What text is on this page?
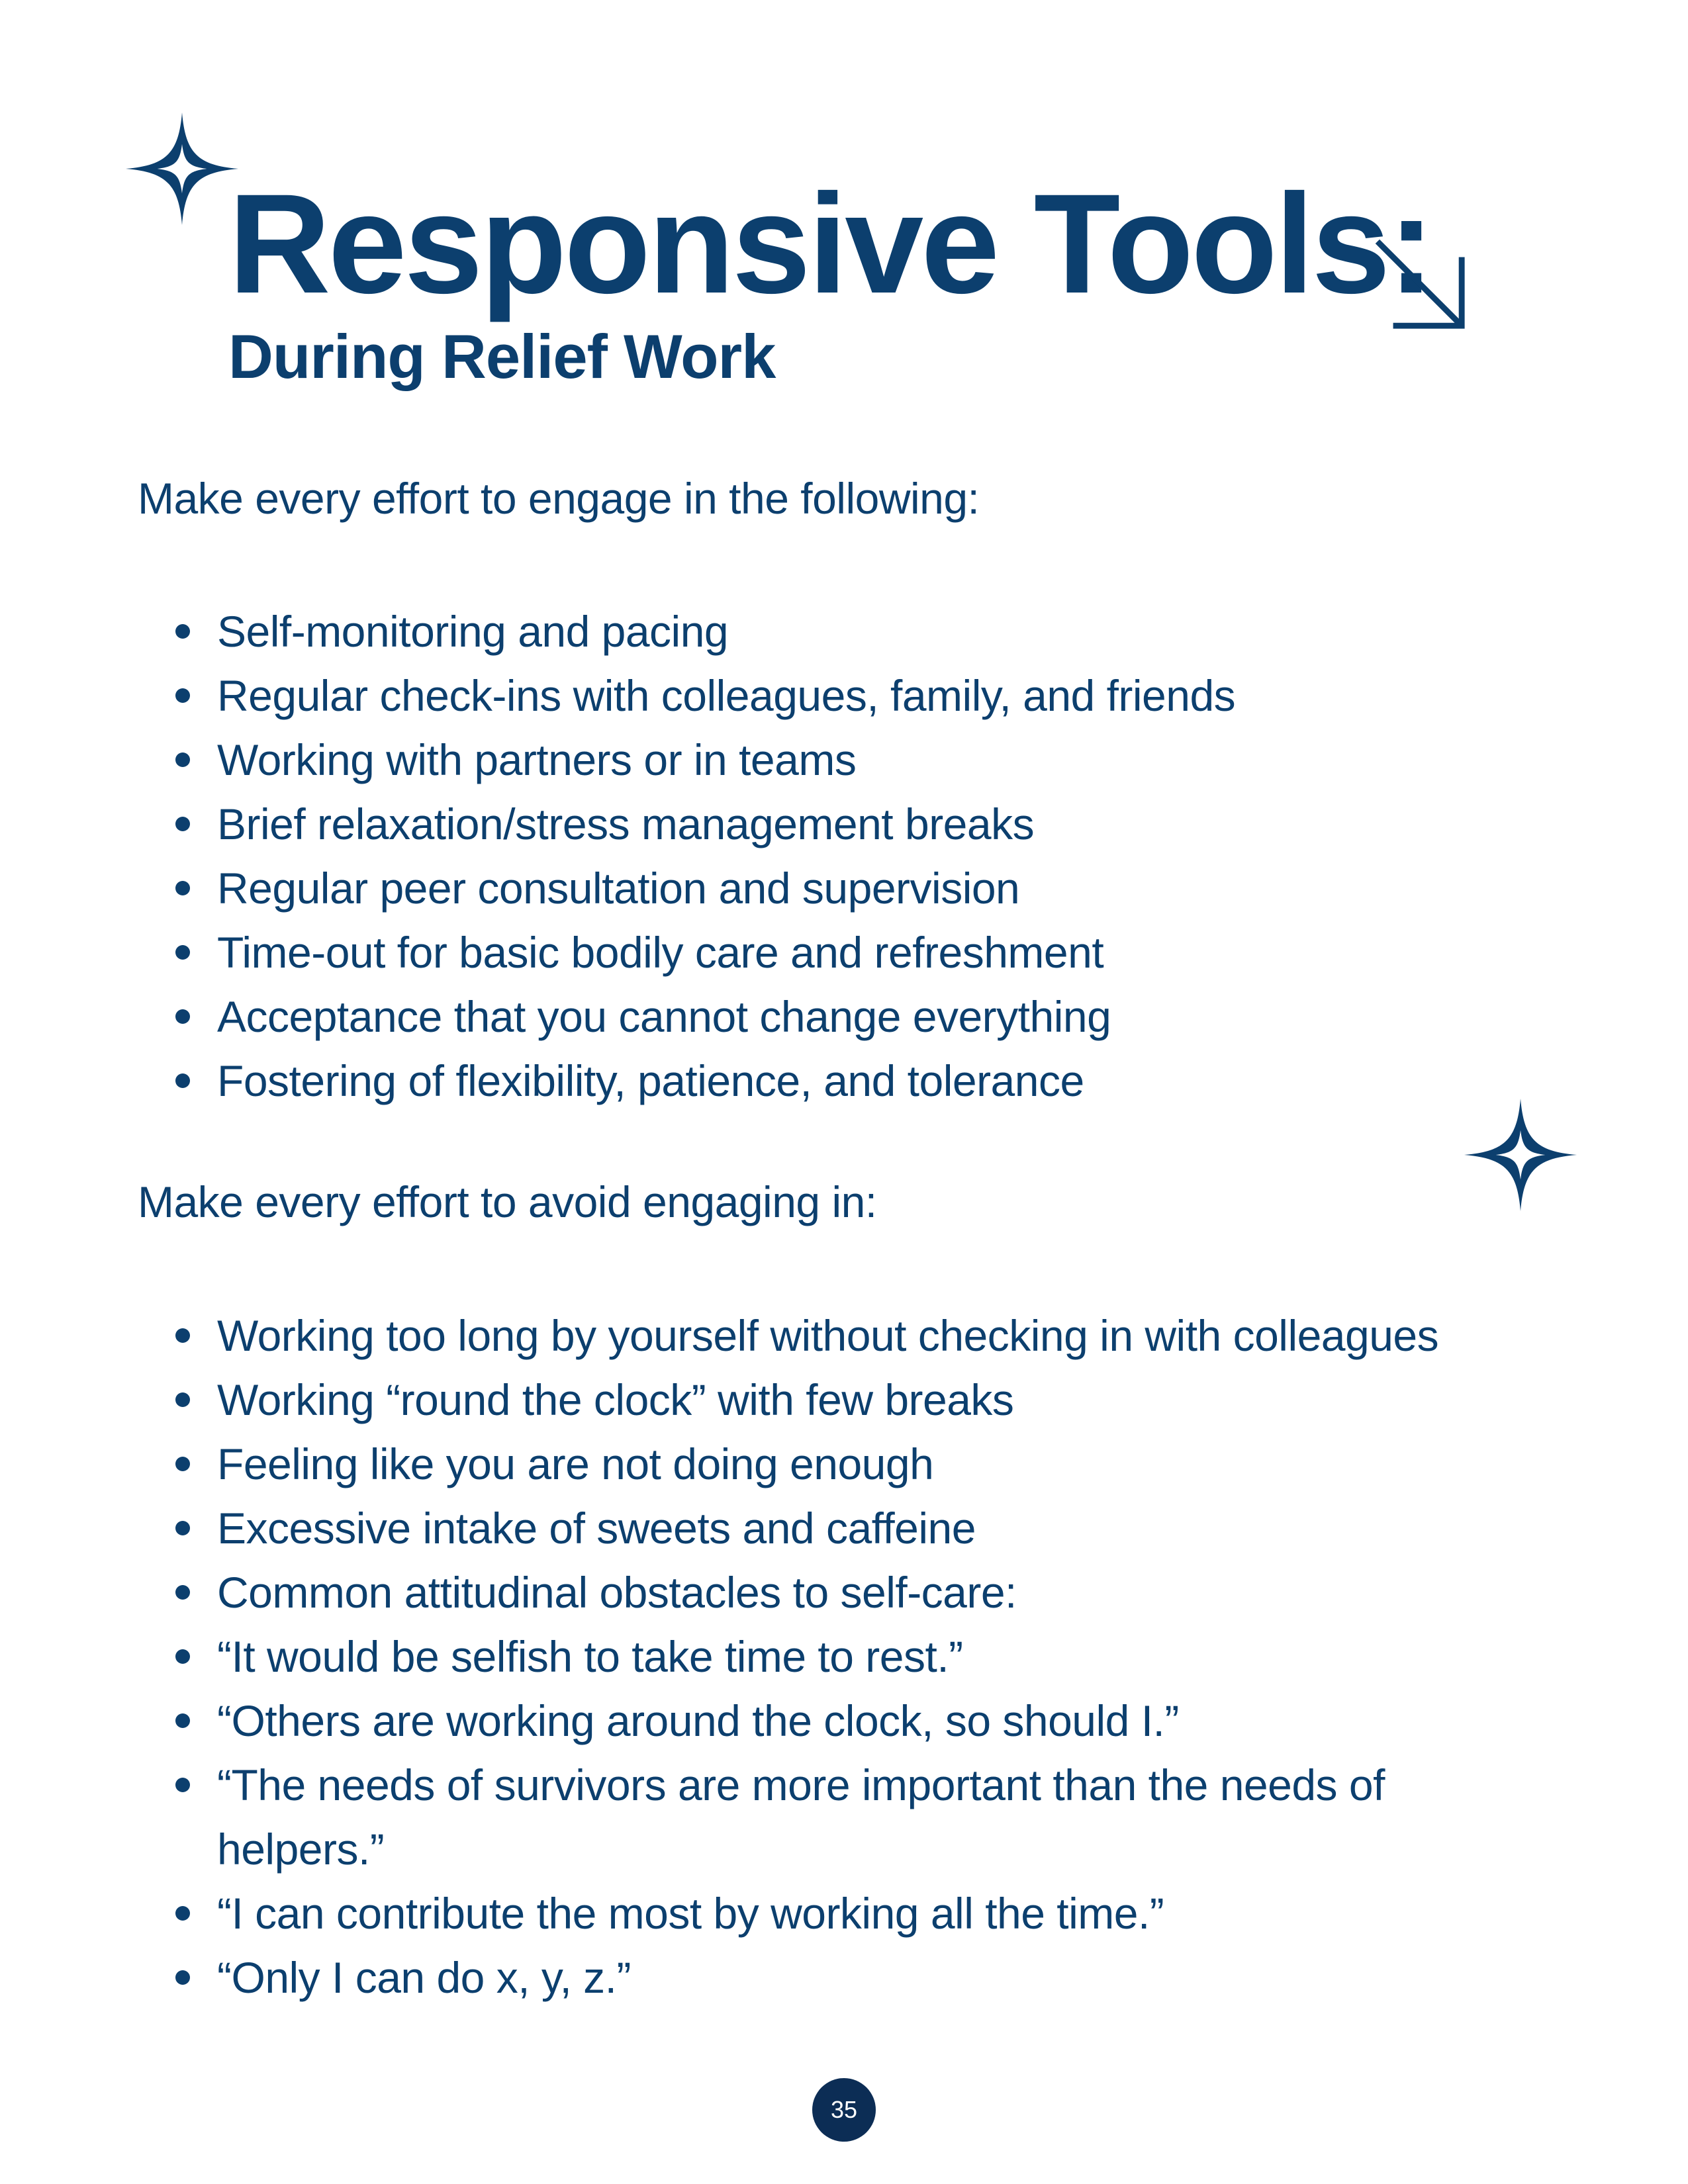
Responsive Tools:
During Relief Work

Make every effort to engage in the following:

Self-monitoring and pacing
Regular check-ins with colleagues, family, and friends
Working with partners or in teams
Brief relaxation/stress management breaks
Regular peer consultation and supervision
Time-out for basic bodily care and refreshment
Acceptance that you cannot change everything
Fostering of flexibility, patience, and tolerance

Make every effort to avoid engaging in:

Working too long by yourself without checking in with colleagues
Working “round the clock” with few breaks
Feeling like you are not doing enough
Excessive intake of sweets and caffeine
Common attitudinal obstacles to self-care:
“It would be selfish to take time to rest.”
“Others are working around the clock, so should I.”
“The needs of survivors are more important than the needs of helpers.”
“I can contribute the most by working all the time.”
“Only I can do x, y, z.”
35
